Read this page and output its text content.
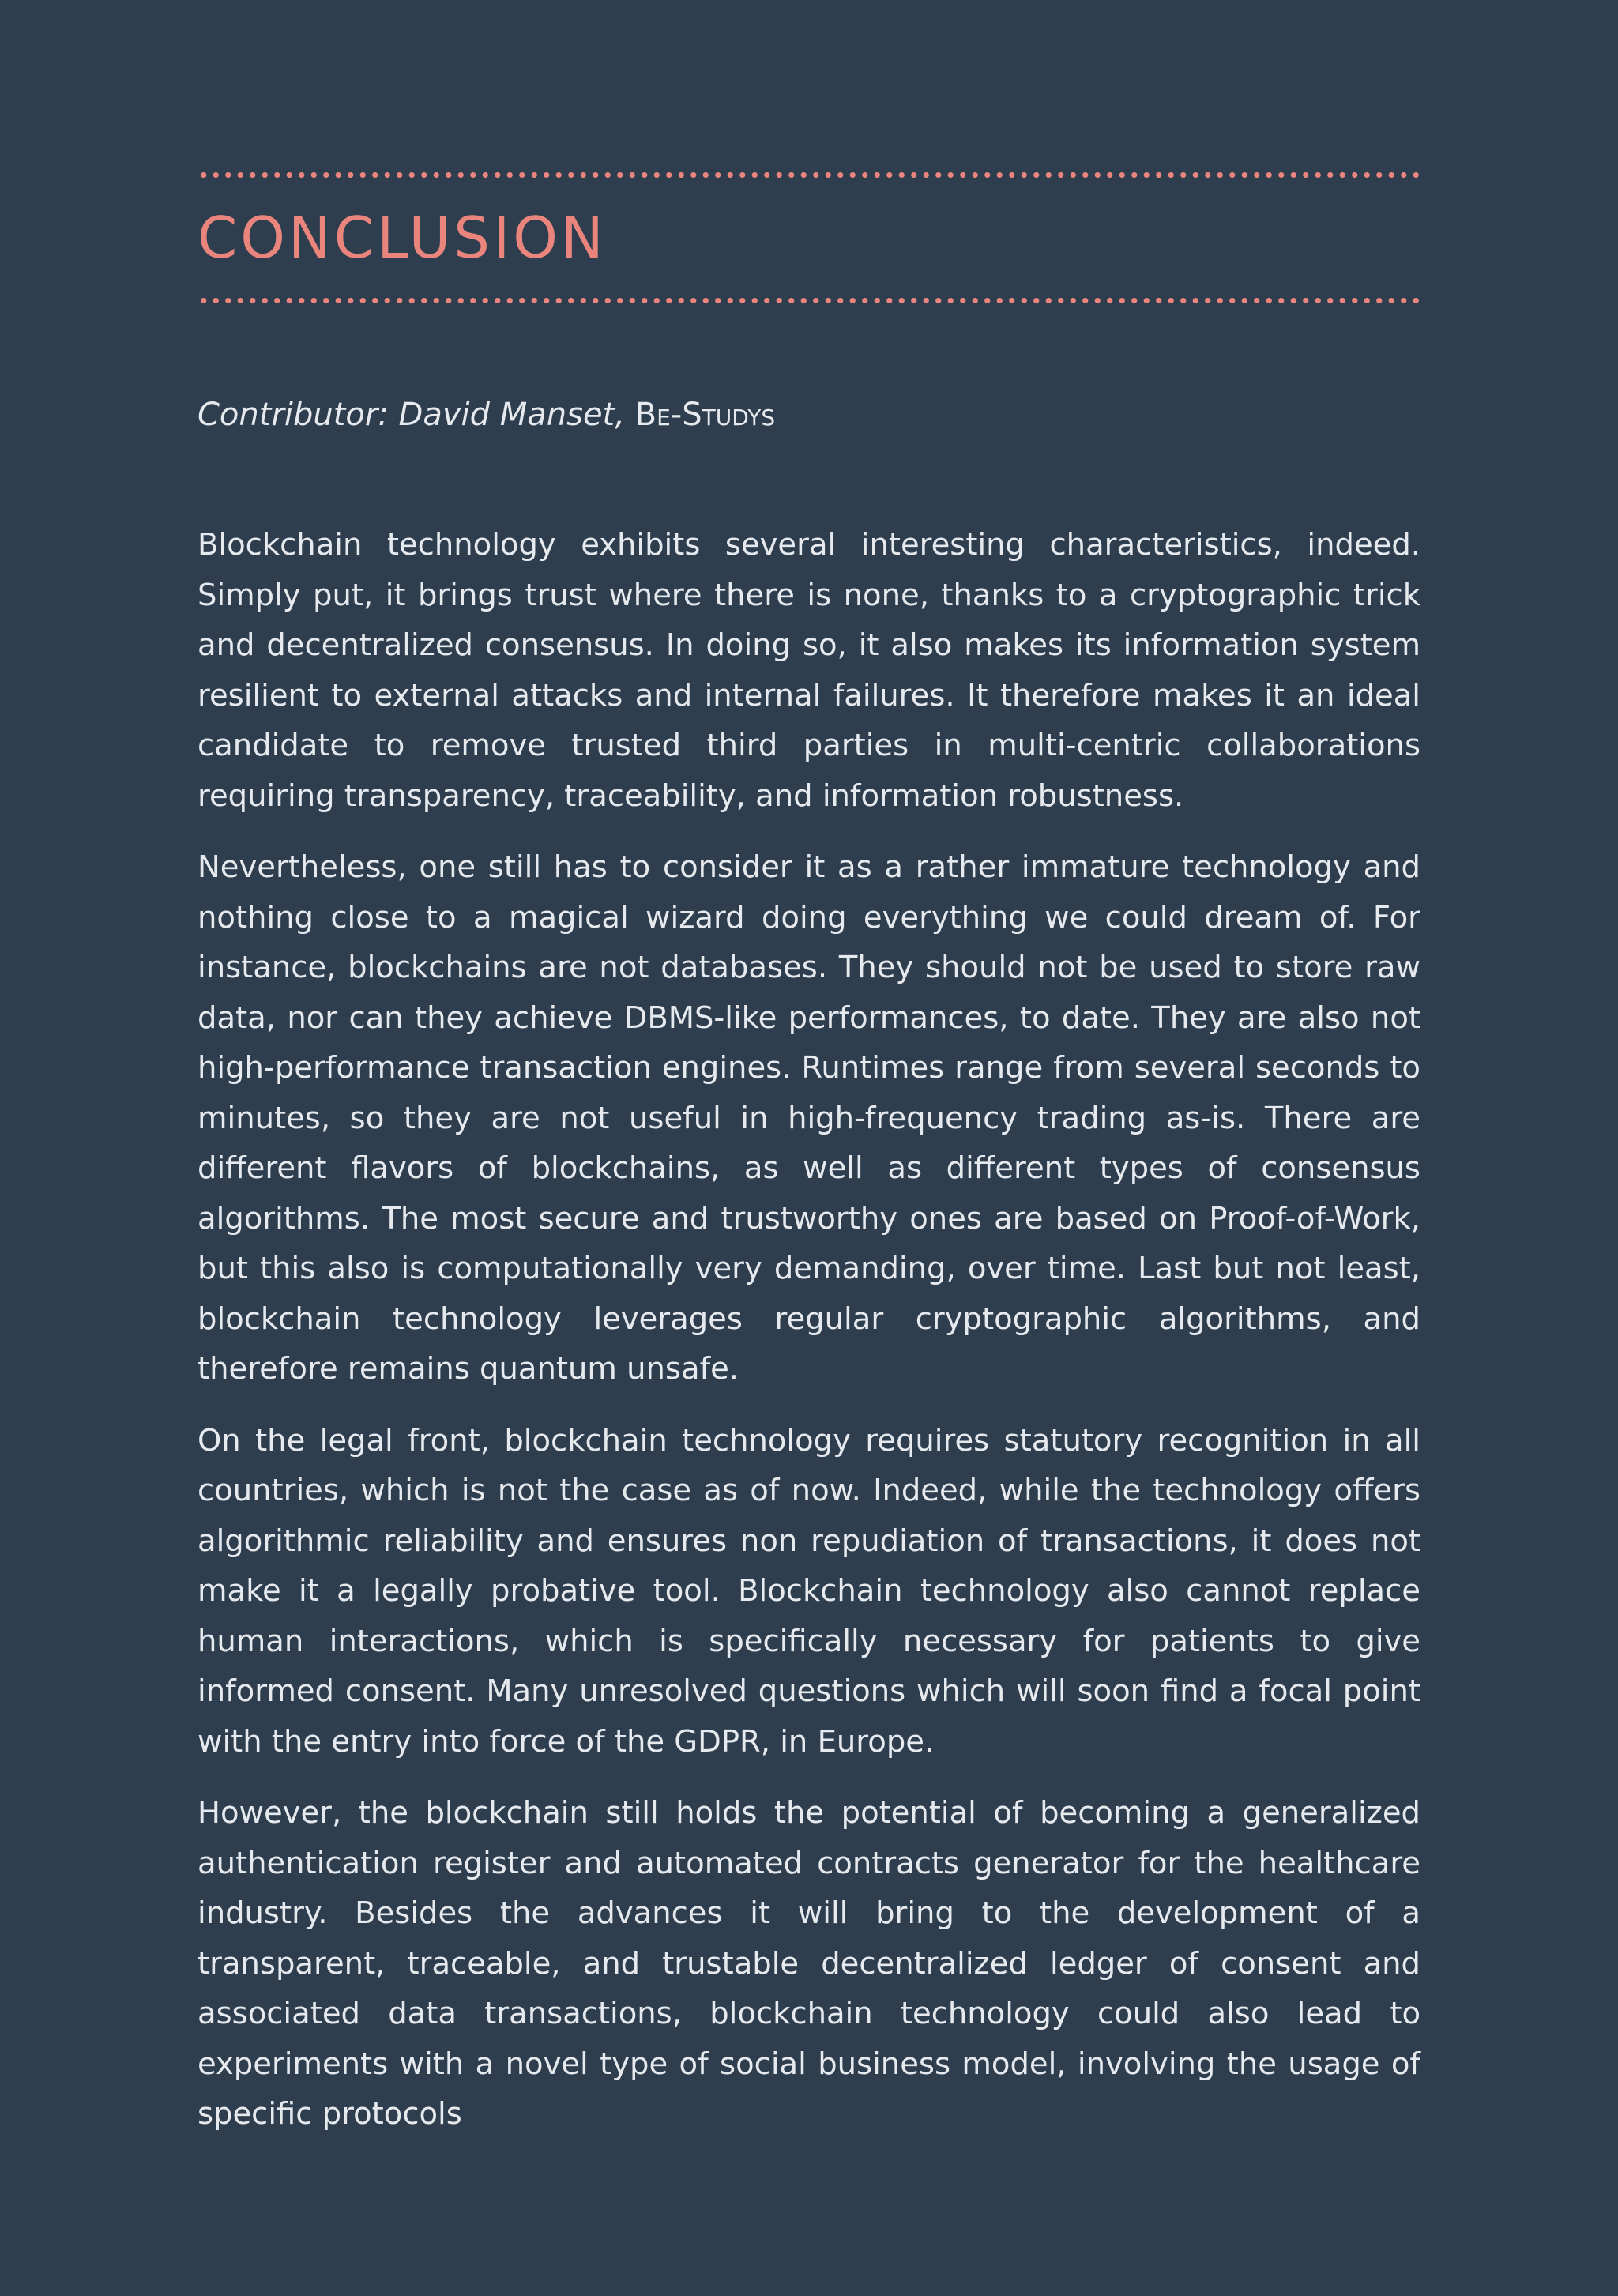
CONCLUSION
Contributor: David Manset, Be-Studys

Blockchain technology exhibits several interesting characteristics, indeed. Simply put, it brings trust where there is none, thanks to a cryptographic trick and decentralized consensus. In doing so, it also makes its information system resilient to external attacks and internal failures. It therefore makes it an ideal candidate to remove trusted third parties in multi-centric collaborations requiring transparency, traceability, and information robustness.

Nevertheless, one still has to consider it as a rather immature technology and nothing close to a magical wizard doing everything we could dream of. For instance, blockchains are not databases. They should not be used to store raw data, nor can they achieve DBMS-like performances, to date. They are also not high-performance transaction engines. Runtimes range from several seconds to minutes, so they are not useful in high-frequency trading as-is. There are different flavors of blockchains, as well as different types of consensus algorithms. The most secure and trustworthy ones are based on Proof-of-Work, but this also is computationally very demanding, over time. Last but not least, blockchain technology leverages regular cryptographic algorithms, and therefore remains quantum unsafe.

On the legal front, blockchain technology requires statutory recognition in all countries, which is not the case as of now. Indeed, while the technology offers algorithmic reliability and ensures non repudiation of transactions, it does not make it a legally probative tool. Blockchain technology also cannot replace human interactions, which is specifically necessary for patients to give informed consent. Many unresolved questions which will soon find a focal point with the entry into force of the GDPR, in Europe.

However, the blockchain still holds the potential of becoming a generalized authentication register and automated contracts generator for the healthcare industry. Besides the advances it will bring to the development of a transparent, traceable, and trustable decentralized ledger of consent and associated data transactions, blockchain technology could also lead to experiments with a novel type of social business model, involving the usage of specific protocols
